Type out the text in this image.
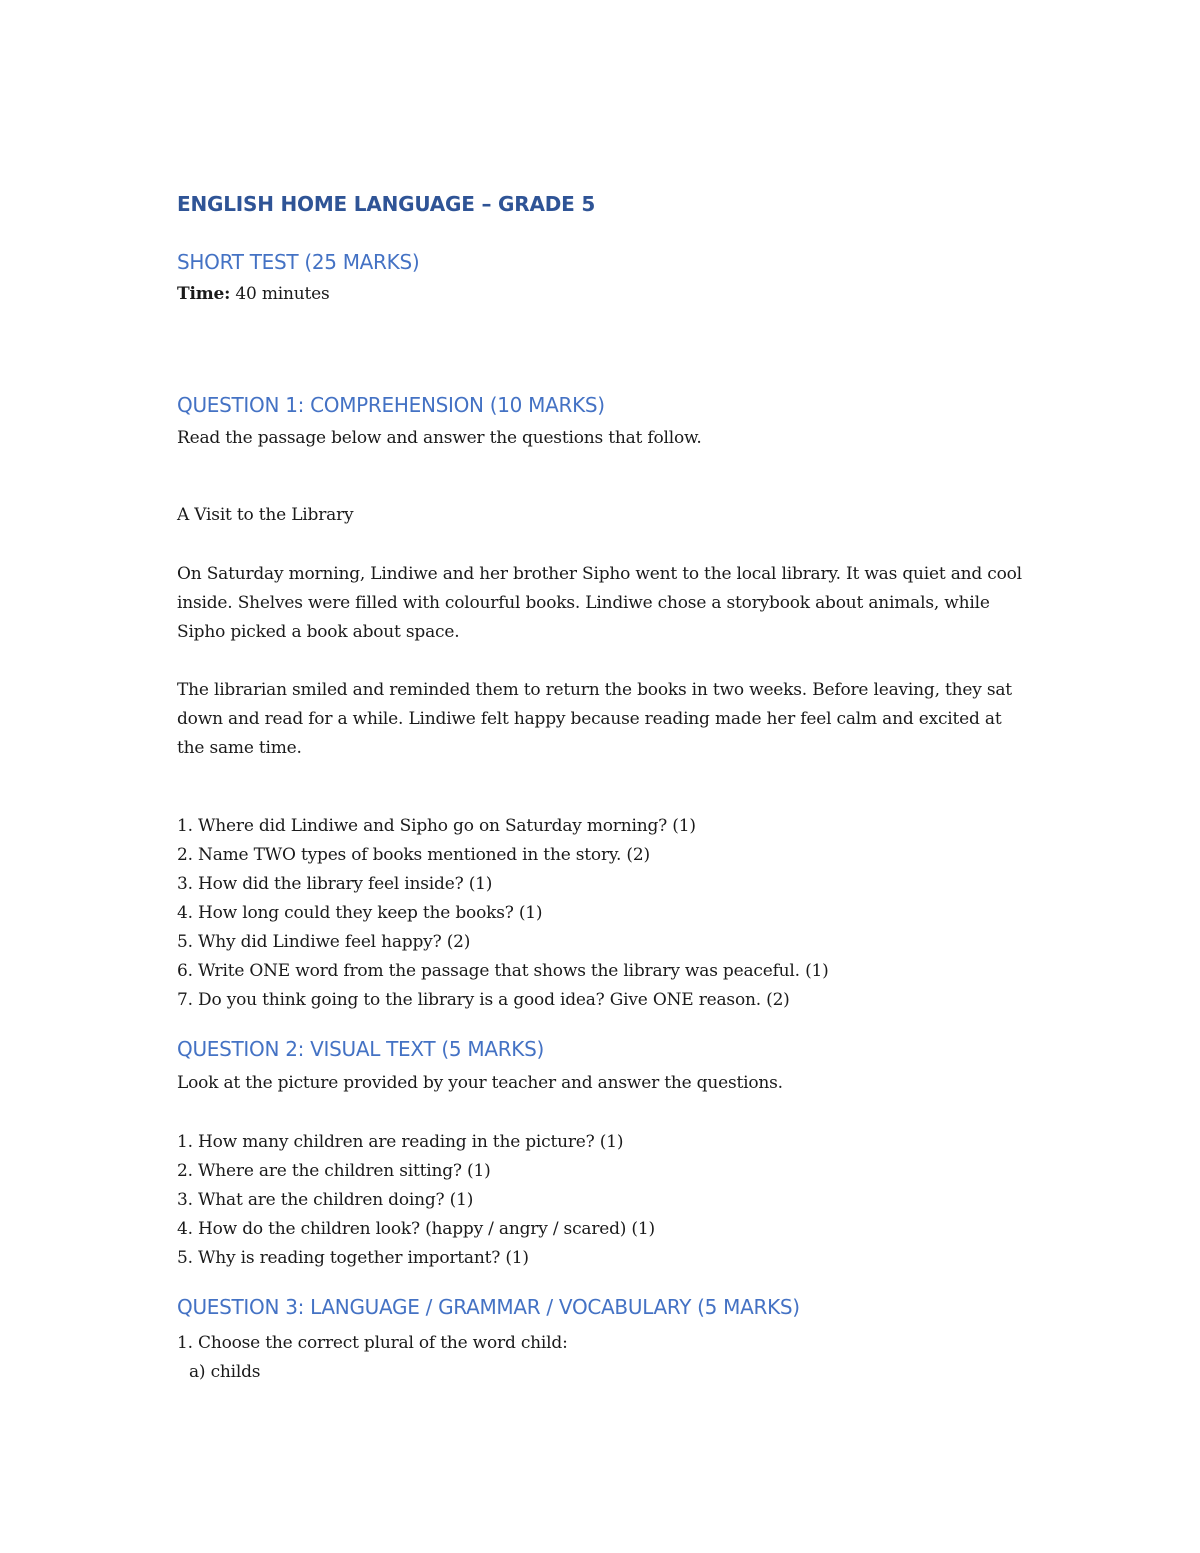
ENGLISH HOME LANGUAGE – GRADE 5
SHORT TEST (25 MARKS)
Time: 40 minutes
QUESTION 1: COMPREHENSION (10 MARKS)
Read the passage below and answer the questions that follow.
A Visit to the Library
On Saturday morning, Lindiwe and her brother Sipho went to the local library. It was quiet and cool inside. Shelves were filled with colourful books. Lindiwe chose a storybook about animals, while Sipho picked a book about space.
The librarian smiled and reminded them to return the books in two weeks. Before leaving, they sat down and read for a while. Lindiwe felt happy because reading made her feel calm and excited at the same time.
1. Where did Lindiwe and Sipho go on Saturday morning? (1)
2. Name TWO types of books mentioned in the story. (2)
3. How did the library feel inside? (1)
4. How long could they keep the books? (1)
5. Why did Lindiwe feel happy? (2)
6. Write ONE word from the passage that shows the library was peaceful. (1)
7. Do you think going to the library is a good idea? Give ONE reason. (2)
QUESTION 2: VISUAL TEXT (5 MARKS)
Look at the picture provided by your teacher and answer the questions.
1. How many children are reading in the picture? (1)
2. Where are the children sitting? (1)
3. What are the children doing? (1)
4. How do the children look? (happy / angry / scared) (1)
5. Why is reading together important? (1)
QUESTION 3: LANGUAGE / GRAMMAR / VOCABULARY (5 MARKS)
1. Choose the correct plural of the word child:
a) childs
